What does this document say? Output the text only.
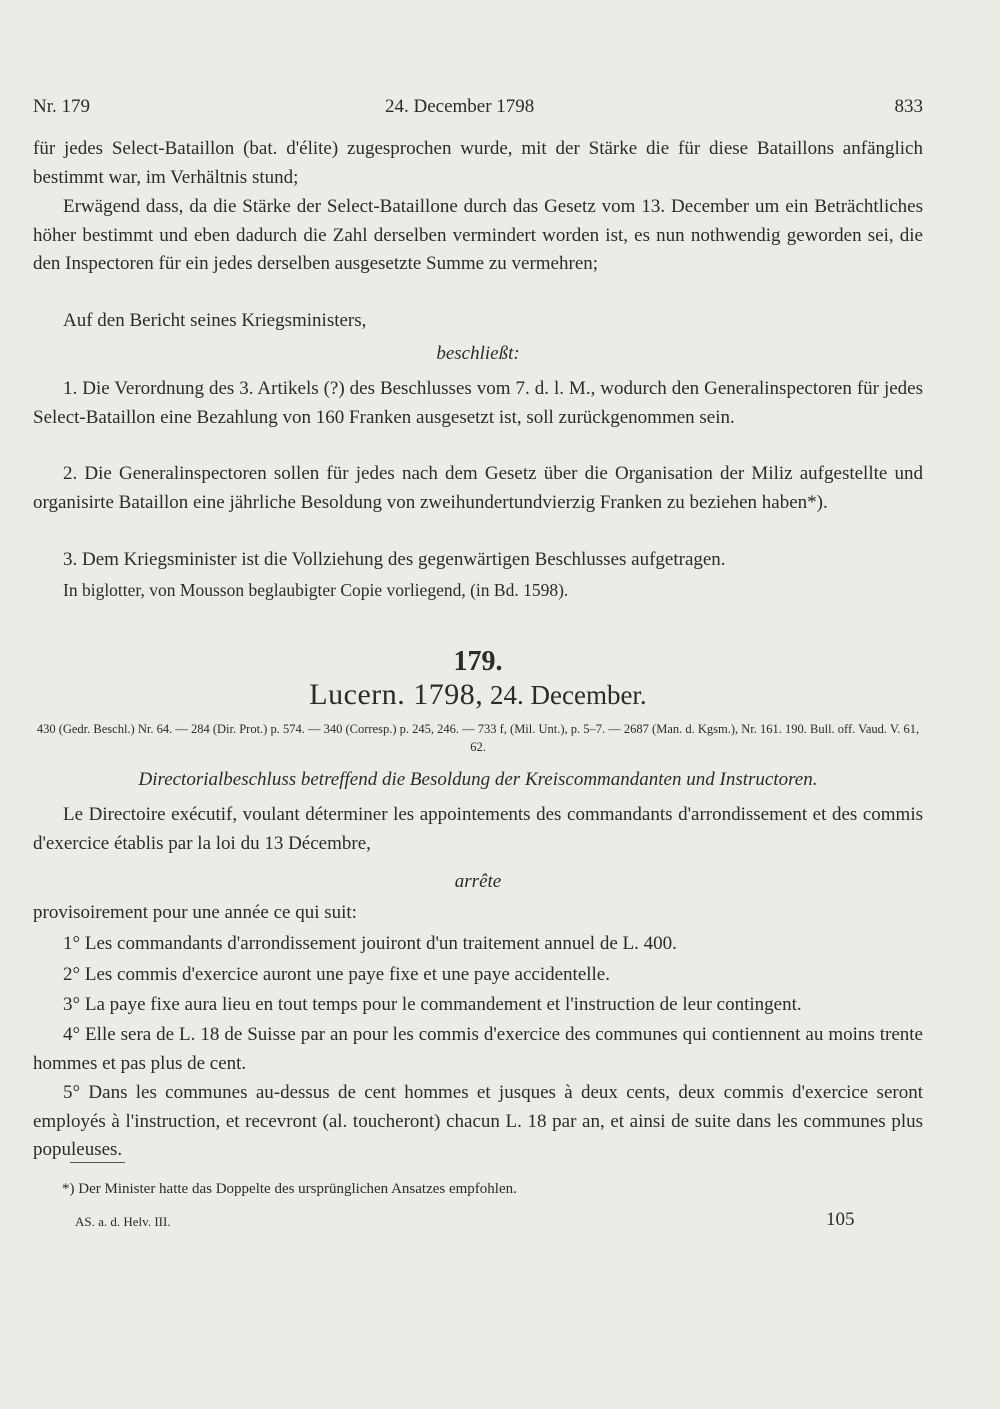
Nr. 179	24. December 1798	833

für jedes Select-Bataillon (bat. d'élite) zugesprochen wurde, mit der Stärke die für diese Bataillons anfänglich bestimmt war, im Verhältnis stund;

Erwägend dass, da die Stärke der Select-Bataillone durch das Gesetz vom 13. December um ein Beträchtliches höher bestimmt und eben dadurch die Zahl derselben vermindert worden ist, es nun nothwendig geworden sei, die den Inspectoren für ein jedes derselben ausgesetzte Summe zu vermehren;

Auf den Bericht seines Kriegsministers,

beschließt:

1. Die Verordnung des 3. Artikels (?) des Beschlusses vom 7. d. l. M., wodurch den Generalinspectoren für jedes Select-Bataillon eine Bezahlung von 160 Franken ausgesetzt ist, soll zurückgenommen sein.

2. Die Generalinspectoren sollen für jedes nach dem Gesetz über die Organisation der Miliz aufgestellte und organisirte Bataillon eine jährliche Besoldung von zweihundertundvierzig Franken zu beziehen haben*).

3. Dem Kriegsminister ist die Vollziehung des gegenwärtigen Beschlusses aufgetragen.

In biglotter, von Mousson beglaubigter Copie vorliegend, (in Bd. 1598).

179.
Lucern. 1798, 24. December.
430 (Gedr. Beschl.) Nr. 64. — 284 (Dir. Prot.) p. 574. — 340 (Corresp.) p. 245, 246. — 733 f, (Mil. Unt.), p. 5–7. — 2687 (Man. d. Kgsm.), Nr. 161. 190. Bull. off. Vaud. V. 61, 62.

Directorialbeschluss betreffend die Besoldung der Kreiscommandanten und Instructoren.

Le Directoire exécutif, voulant déterminer les appointements des commandants d'arrondissement et des commis d'exercice établis par la loi du 13 Décembre,

arrête

provisoirement pour une année ce qui suit:

1° Les commandants d'arrondissement jouiront d'un traitement annuel de L. 400.

2° Les commis d'exercice auront une paye fixe et une paye accidentelle.

3° La paye fixe aura lieu en tout temps pour le commandement et l'instruction de leur contingent.

4° Elle sera de L. 18 de Suisse par an pour les commis d'exercice des communes qui contiennent au moins trente hommes et pas plus de cent.

5° Dans les communes au-dessus de cent hommes et jusques à deux cents, deux commis d'exercice seront employés à l'instruction, et recevront (al. toucheront) chacun L. 18 par an, et ainsi de suite dans les communes plus populeuses.

*) Der Minister hatte das Doppelte des ursprünglichen Ansatzes empfohlen.
AS. a. d. Helv. III.	105
